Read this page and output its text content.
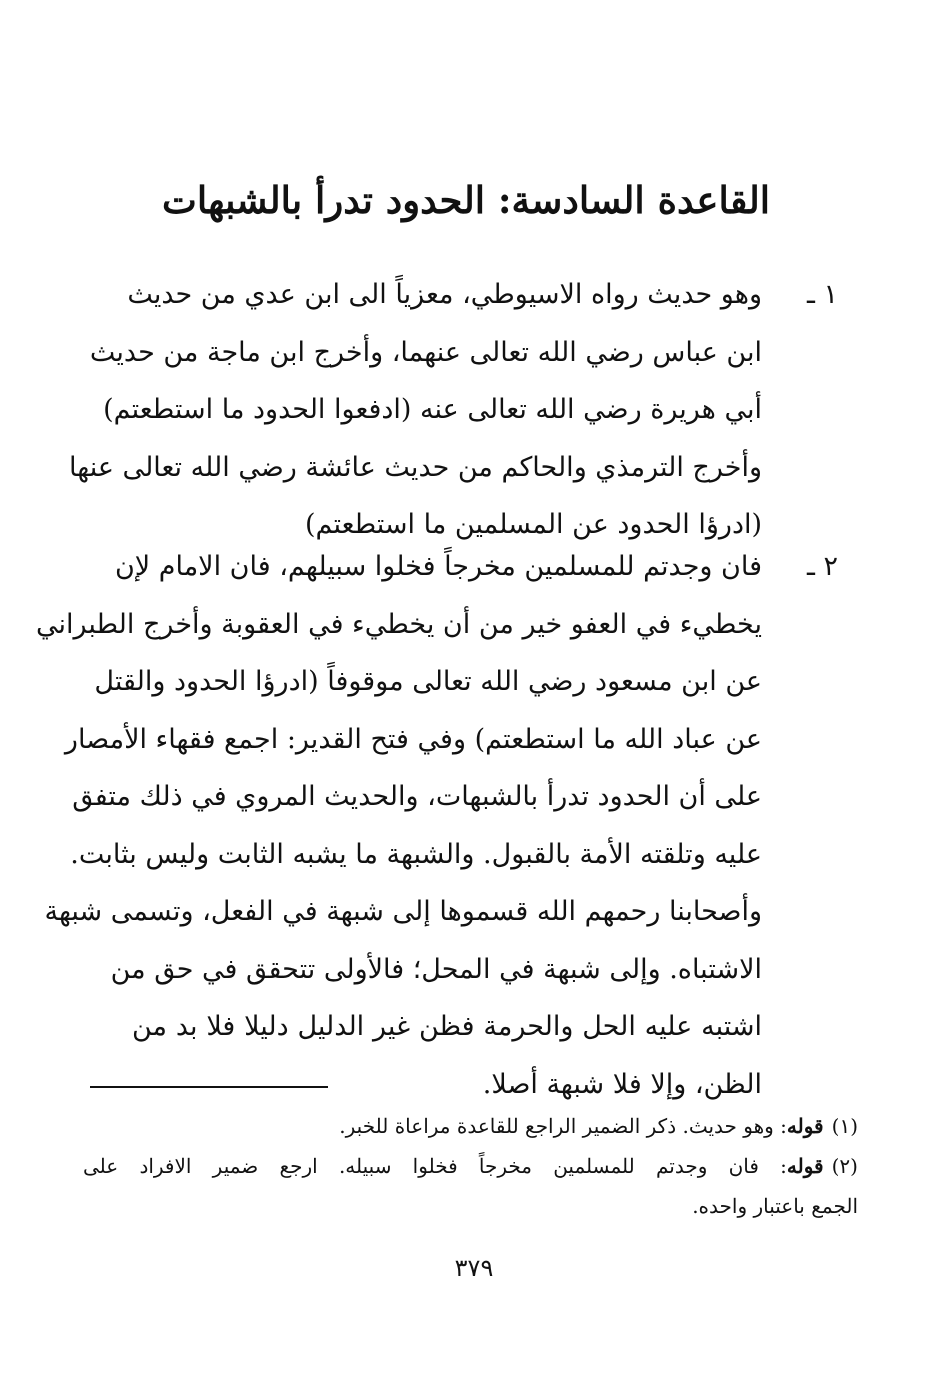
القاعدة السادسة: الحدود تدرأ بالشبهات
١ ـ
وهو حديث رواه الاسيوطي، معزياً الى ابن عدي من حديث
ابن عباس رضي الله تعالى عنهما، وأخرج ابن ماجة من حديث
أبي هريرة رضي الله تعالى عنه (ادفعوا الحدود ما استطعتم)
وأخرج الترمذي والحاكم من حديث عائشة رضي الله تعالى عنها
(ادرؤا الحدود عن المسلمين ما استطعتم)
٢ ـ
فان وجدتم للمسلمين مخرجاً فخلوا سبيلهم، فان الامام لإن
يخطيء في العفو خير من أن يخطيء في العقوبة وأخرج الطبراني
عن ابن مسعود رضي الله تعالى موقوفاً (ادرؤا الحدود والقتل
عن عباد الله ما استطعتم) وفي فتح القدير: اجمع فقهاء الأمصار
على أن الحدود تدرأ بالشبهات، والحديث المروي في ذلك متفق
عليه وتلقته الأمة بالقبول. والشبهة ما يشبه الثابت وليس بثابت.
وأصحابنا رحمهم الله قسموها إلى شبهة في الفعل، وتسمى شبهة
الاشتباه. وإلى شبهة في المحل؛ فالأولى تتحقق في حق من
اشتبه عليه الحل والحرمة فظن غير الدليل دليلا فلا بد من
الظن، وإلا فلا شبهة أصلا.
(١)قوله: وهو حديث. ذكر الضمير الراجع للقاعدة مراعاة للخبر.
(٢)قوله: فان وجدتم للمسلمين مخرجاً فخلوا سبيله. ارجع ضمير الافراد على
الجمع باعتبار واحده.
٣٧٩
